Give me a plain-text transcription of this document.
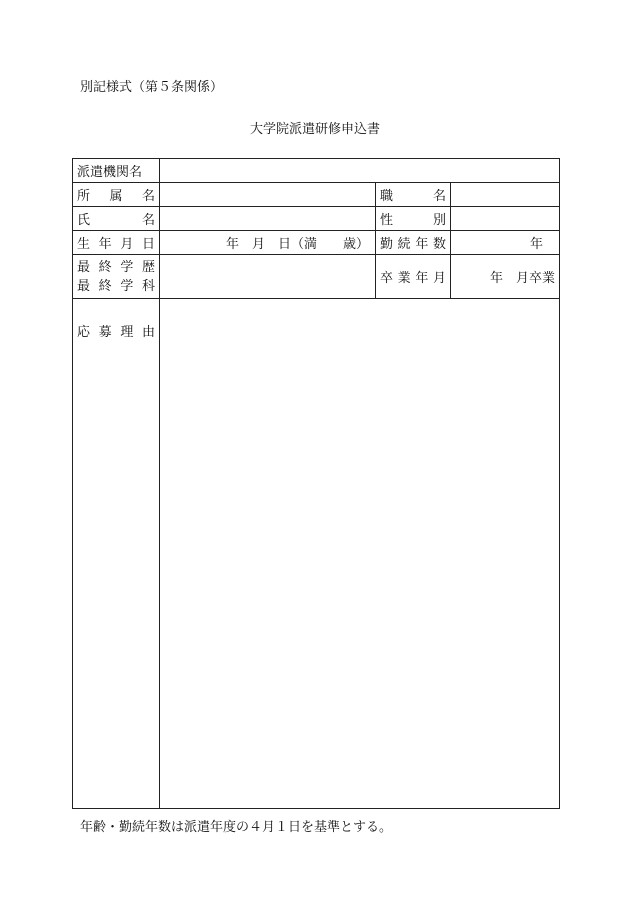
別記様式（第５条関係）
大学院派遣研修申込書
派遣機関名			
所　属　名		職　　　名	
氏　　　名		性　　　別	
生 年 月 日	年　月　日（満　　歳）	勤 続 年 数	年

最 終 学 歴
最 終 学 科		卒 業 年 月	年　月卒業
応 募 理 由			
年齢・勤続年数は派遣年度の４月１日を基準とする。
